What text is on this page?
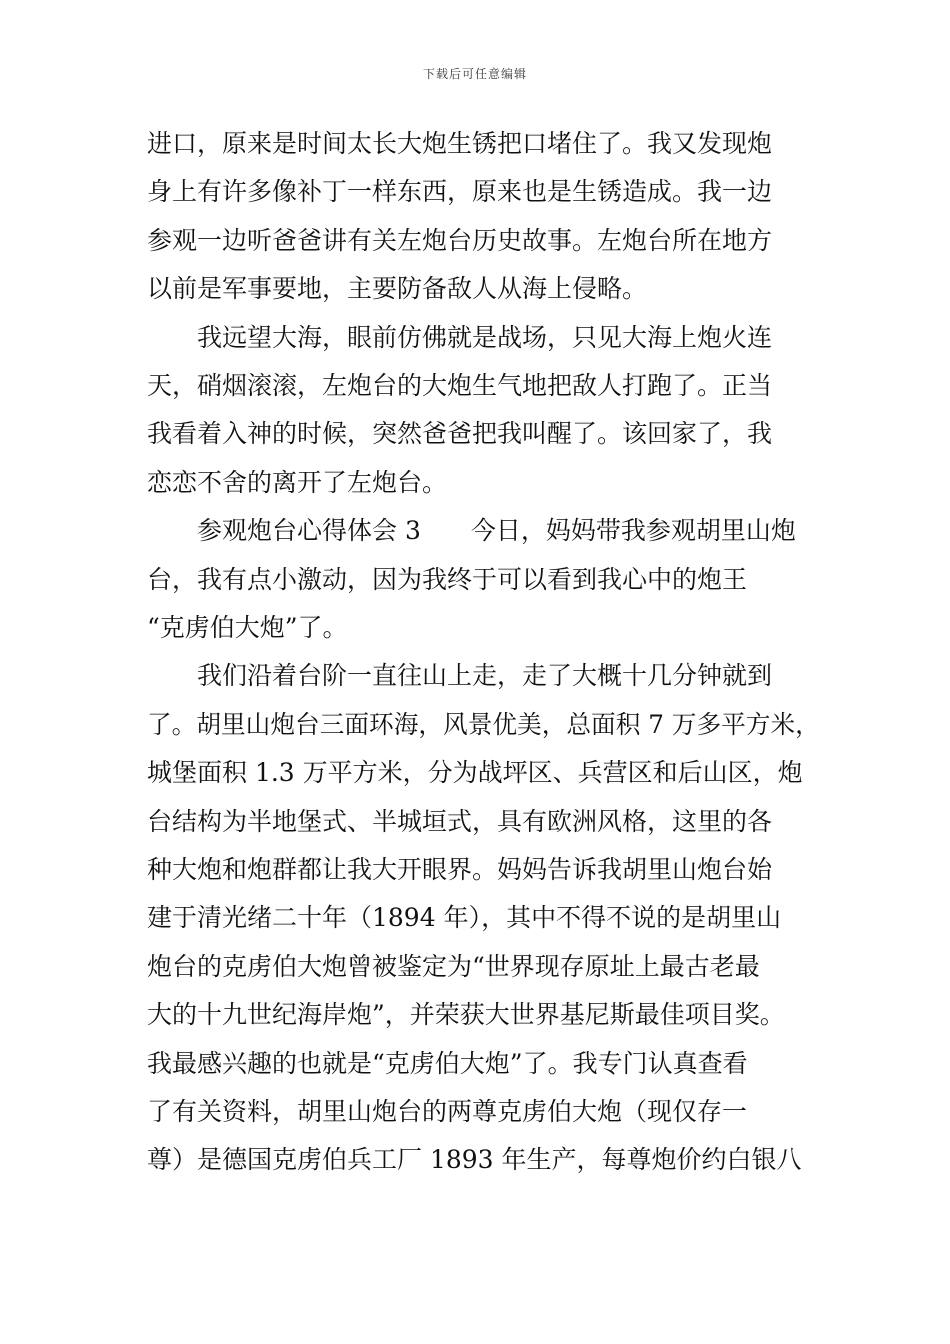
下载后可任意编辑
进口，原来是时间太长大炮生锈把口堵住了。我又发现炮
身上有许多像补丁一样东西，原来也是生锈造成。我一边
参观一边听爸爸讲有关左炮台历史故事。左炮台所在地方
以前是军事要地，主要防备敌人从海上侵略。
我远望大海，眼前仿佛就是战场，只见大海上炮火连
天，硝烟滚滚，左炮台的大炮生气地把敌人打跑了。正当
我看着入神的时候，突然爸爸把我叫醒了。该回家了，我
恋恋不舍的离开了左炮台。
参观炮台心得体会 3　　今日，妈妈带我参观胡里山炮
台，我有点小激动，因为我终于可以看到我心中的炮王
“克虏伯大炮”了。
我们沿着台阶一直往山上走，走了大概十几分钟就到
了。胡里山炮台三面环海，风景优美，总面积 7 万多平方米，
城堡面积 1.3 万平方米，分为战坪区、兵营区和后山区，炮
台结构为半地堡式、半城垣式，具有欧洲风格，这里的各
种大炮和炮群都让我大开眼界。妈妈告诉我胡里山炮台始
建于清光绪二十年（1894 年），其中不得不说的是胡里山
炮台的克虏伯大炮曾被鉴定为“世界现存原址上最古老最
大的十九世纪海岸炮”，并荣获大世界基尼斯最佳项目奖。
我最感兴趣的也就是“克虏伯大炮”了。我专门认真查看
了有关资料，胡里山炮台的两尊克虏伯大炮（现仅存一
尊）是德国克虏伯兵工厂 1893 年生产，每尊炮价约白银八
